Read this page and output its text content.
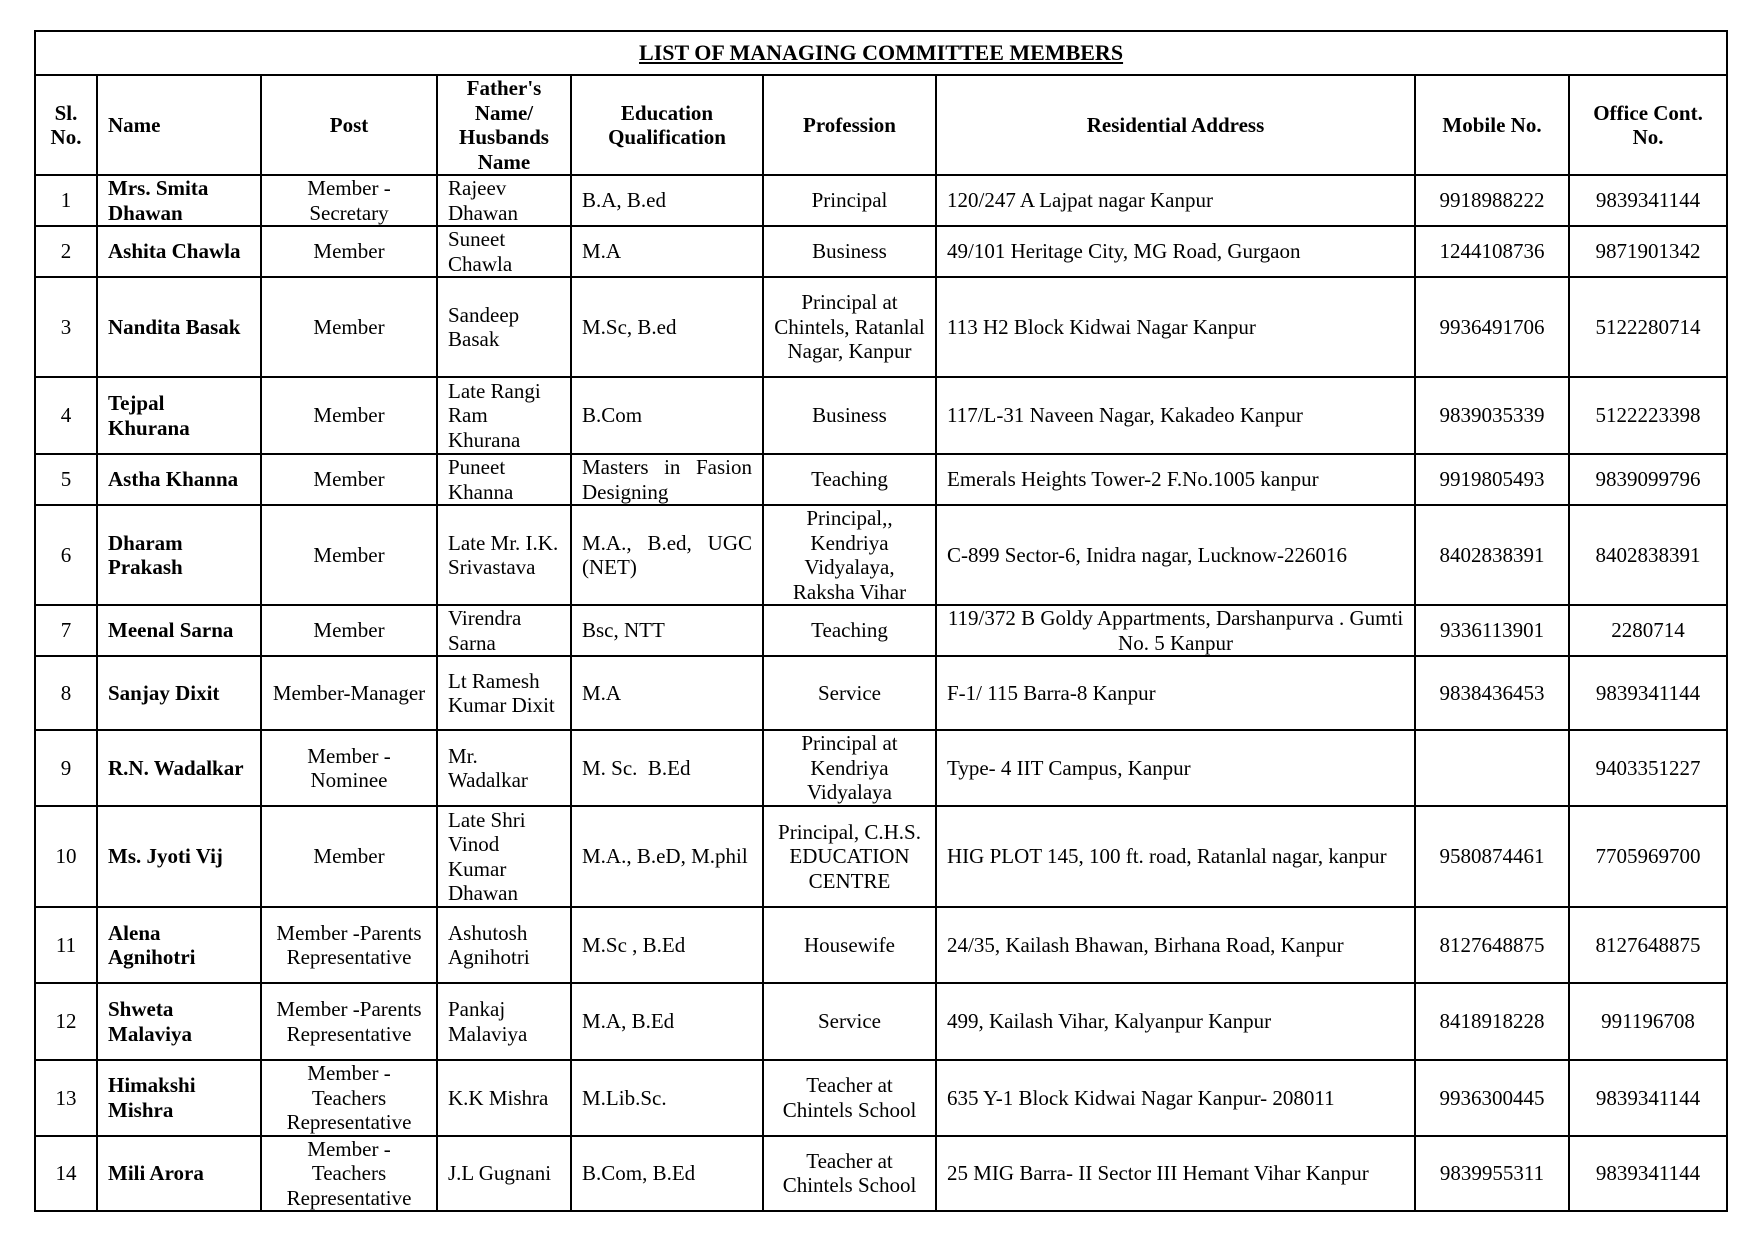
LIST OF MANAGING COMMITTEE MEMBERS								
Sl. No.	Name	Post	Father's Name/ Husbands Name	Education Qualification	Profession	Residential Address	Mobile No.	Office Cont. No.
1	Mrs. Smita Dhawan	Member - Secretary	Rajeev Dhawan	B.A, B.ed	Principal	120/247 A Lajpat nagar Kanpur	9918988222	9839341144
2	Ashita Chawla	Member	Suneet Chawla	M.A	Business	49/101 Heritage City, MG Road, Gurgaon	1244108736	9871901342
3	Nandita Basak	Member	Sandeep Basak	M.Sc, B.ed	Principal at Chintels, Ratanlal Nagar, Kanpur	113 H2 Block Kidwai Nagar Kanpur	9936491706	5122280714
4	Tejpal Khurana	Member	Late Rangi Ram Khurana	B.Com	Business	117/L-31 Naveen Nagar, Kakadeo Kanpur	9839035339	5122223398
5	Astha Khanna	Member	Puneet Khanna	Masters in Fasion Designing	Teaching	Emerals Heights Tower-2 F.No.1005 kanpur	9919805493	9839099796
6	Dharam Prakash	Member	Late Mr. I.K. Srivastava	M.A., B.ed, UGC (NET)	Principal,, Kendriya Vidyalaya, Raksha Vihar	C-899 Sector-6, Inidra nagar, Lucknow-226016	8402838391	8402838391
7	Meenal Sarna	Member	Virendra Sarna	Bsc, NTT	Teaching	119/372 B Goldy Appartments, Darshanpurva . Gumti No. 5 Kanpur	9336113901	2280714
8	Sanjay Dixit	Member-Manager	Lt Ramesh Kumar Dixit	M.A	Service	F-1/ 115 Barra-8 Kanpur	9838436453	9839341144
9	R.N. Wadalkar	Member - Nominee	Mr. Wadalkar	M. Sc.  B.Ed	Principal at Kendriya Vidyalaya	Type- 4 IIT Campus, Kanpur		9403351227
10	Ms. Jyoti Vij	Member	Late Shri Vinod Kumar Dhawan	M.A., B.eD, M.phil	Principal, C.H.S. EDUCATION CENTRE	HIG PLOT 145, 100 ft. road, Ratanlal nagar, kanpur	9580874461	7705969700
11	Alena Agnihotri	Member -Parents Representative	Ashutosh Agnihotri	M.Sc , B.Ed	Housewife	24/35, Kailash Bhawan, Birhana Road, Kanpur	8127648875	8127648875
12	Shweta Malaviya	Member -Parents Representative	Pankaj Malaviya	M.A, B.Ed	Service	499, Kailash Vihar, Kalyanpur Kanpur	8418918228	991196708
13	Himakshi Mishra	Member - Teachers Representative	K.K Mishra	M.Lib.Sc.	Teacher at Chintels School	635 Y-1 Block Kidwai Nagar Kanpur- 208011	9936300445	9839341144
14	Mili Arora	Member - Teachers Representative	J.L Gugnani	B.Com, B.Ed	Teacher at Chintels School	25 MIG Barra- II Sector III Hemant Vihar Kanpur	9839955311	9839341144
